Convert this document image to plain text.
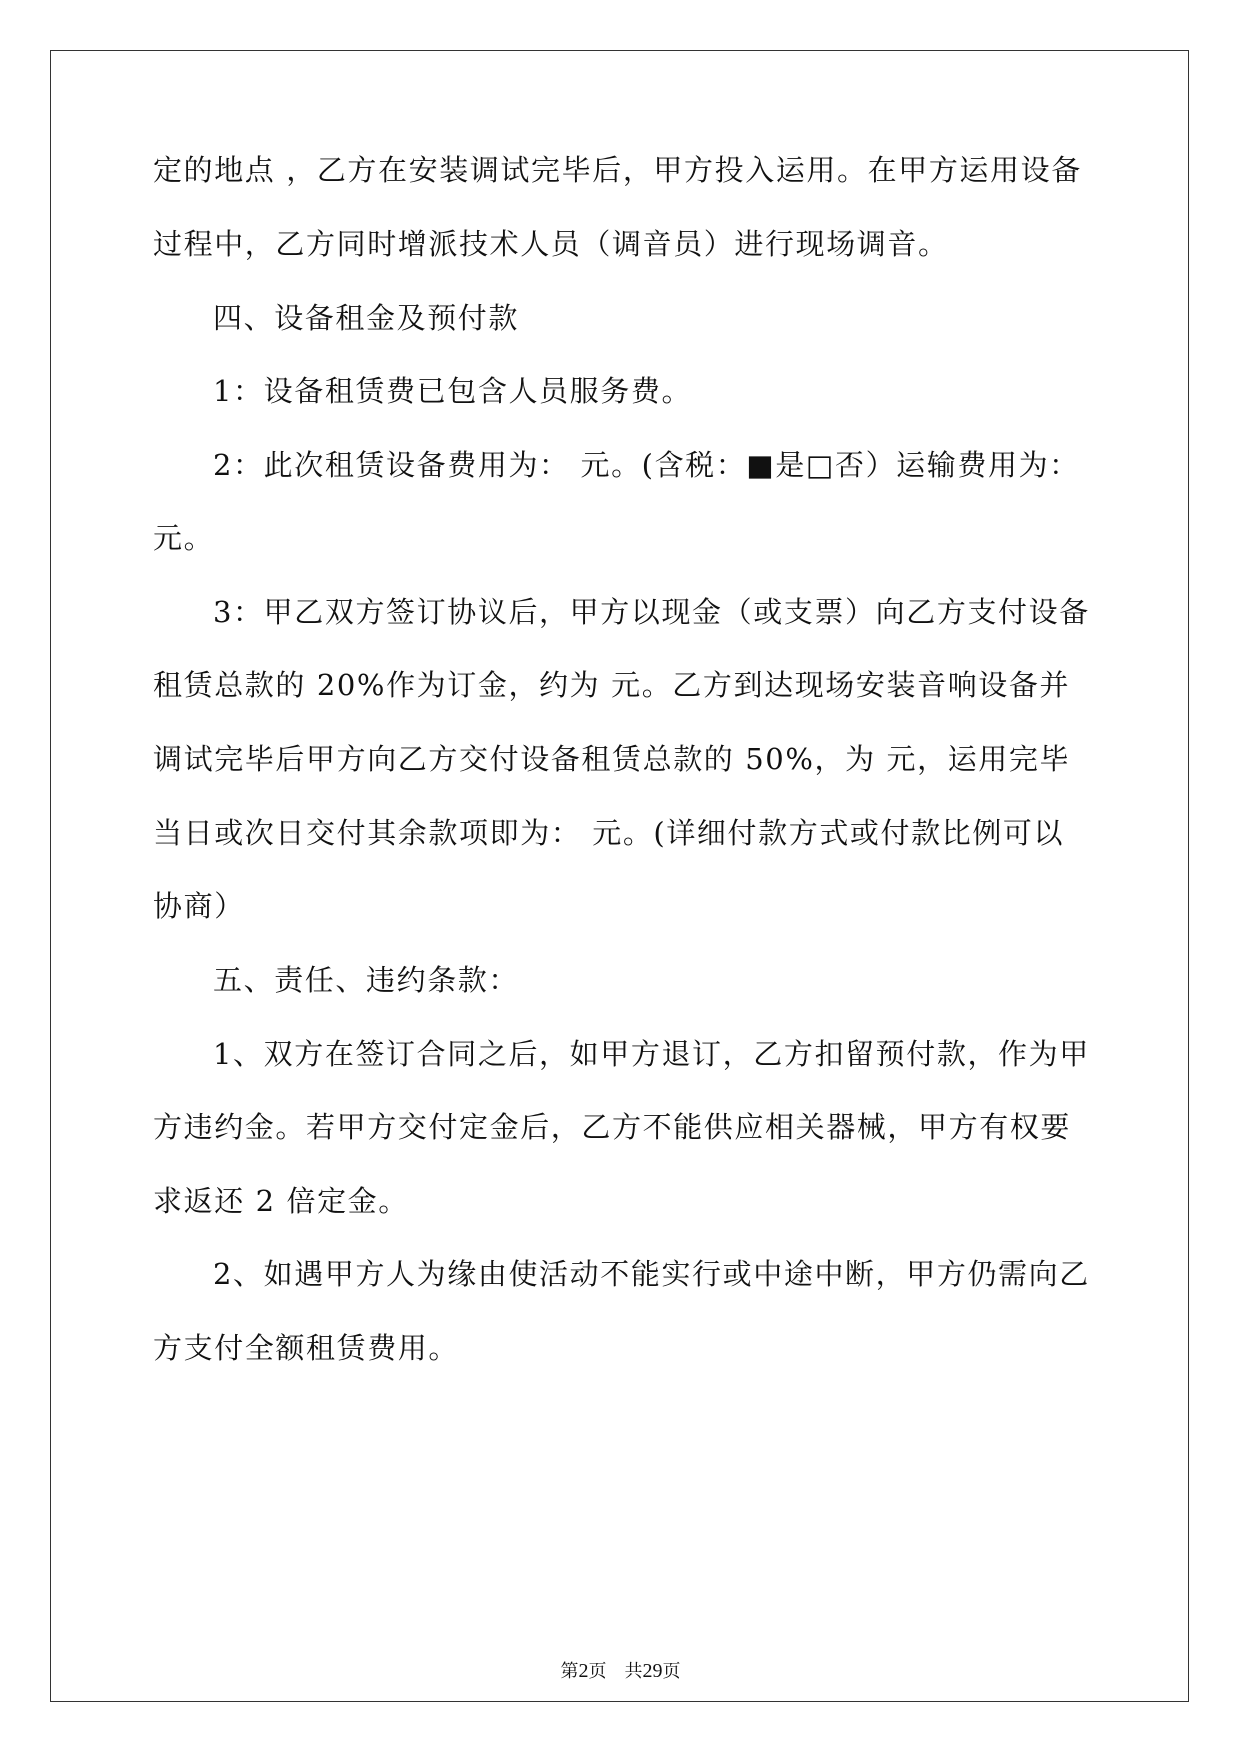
定的地点 ，乙方在安装调试完毕后，甲方投入运用。在甲方运用设备
过程中，乙方同时增派技术人员（调音员）进行现场调音。
四、设备租金及预付款
1：设备租赁费已包含人员服务费。
2：此次租赁设备费用为： 元。(含税：■是□否）运输费用为：
元。
3：甲乙双方签订协议后，甲方以现金（或支票）向乙方支付设备
租赁总款的 20%作为订金，约为 元。乙方到达现场安装音响设备并
调试完毕后甲方向乙方交付设备租赁总款的 50%，为 元，运用完毕
当日或次日交付其余款项即为： 元。(详细付款方式或付款比例可以
协商）
五、责任、违约条款：
1、双方在签订合同之后，如甲方退订，乙方扣留预付款，作为甲
方违约金。若甲方交付定金后，乙方不能供应相关器械，甲方有权要
求返还 2 倍定金。
2、如遇甲方人为缘由使活动不能实行或中途中断，甲方仍需向乙
方支付全额租赁费用。
第2页 共29页
